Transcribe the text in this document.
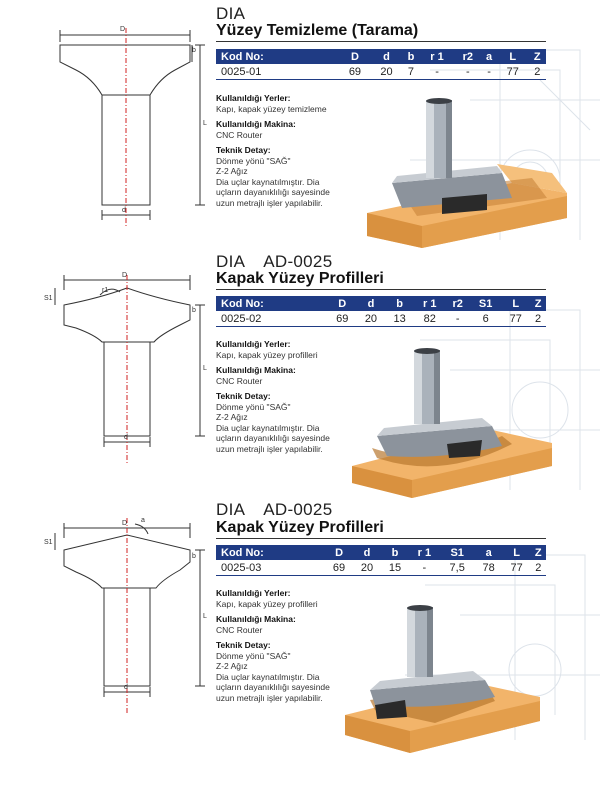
D
b
L
d
DIA
Yüzey Temizleme (Tarama)
Kod No:	D	d	b	r 1	r2	a	L	Z
0025-01	69	20	7	-	-	-	77	2
Kullanıldığı Yerler:
Kapı, kapak yüzey temizleme
Kullanıldığı Makina:
CNC Router
Teknik Detay:
Dönme yönü "SAĞ"
Z-2 Ağız
Dia uçlar kaynatılmıştır. Dia
uçların dayanıklılığı sayesinde
uzun metrajlı işler yapılabilir.
D
b
L
d
S1
r1
DIA AD-0025
Kapak Yüzey Profilleri
Kod No:	D	d	b	r 1	r2	S1	L	Z
0025-02	69	20	13	82	-	6	77	2
Kullanıldığı Yerler:
Kapı, kapak yüzey profilleri
Kullanıldığı Makina:
CNC Router
Teknik Detay:
Dönme yönü "SAĞ"
Z-2 Ağız
Dia uçlar kaynatılmıştır. Dia
uçların dayanıklılığı sayesinde
uzun metrajlı işler yapılabilir.
D
b
L
d
S1
a
DIA AD-0025
Kapak Yüzey Profilleri
Kod No:	D	d	b	r 1	S1	a	L	Z
0025-03	69	20	15	-	7,5	78	77	2
Kullanıldığı Yerler:
Kapı, kapak yüzey profilleri
Kullanıldığı Makina:
CNC Router
Teknik Detay:
Dönme yönü "SAĞ"
Z-2 Ağız
Dia uçlar kaynatılmıştır. Dia
uçların dayanıklılığı sayesinde
uzun metrajlı işler yapılabilir.
